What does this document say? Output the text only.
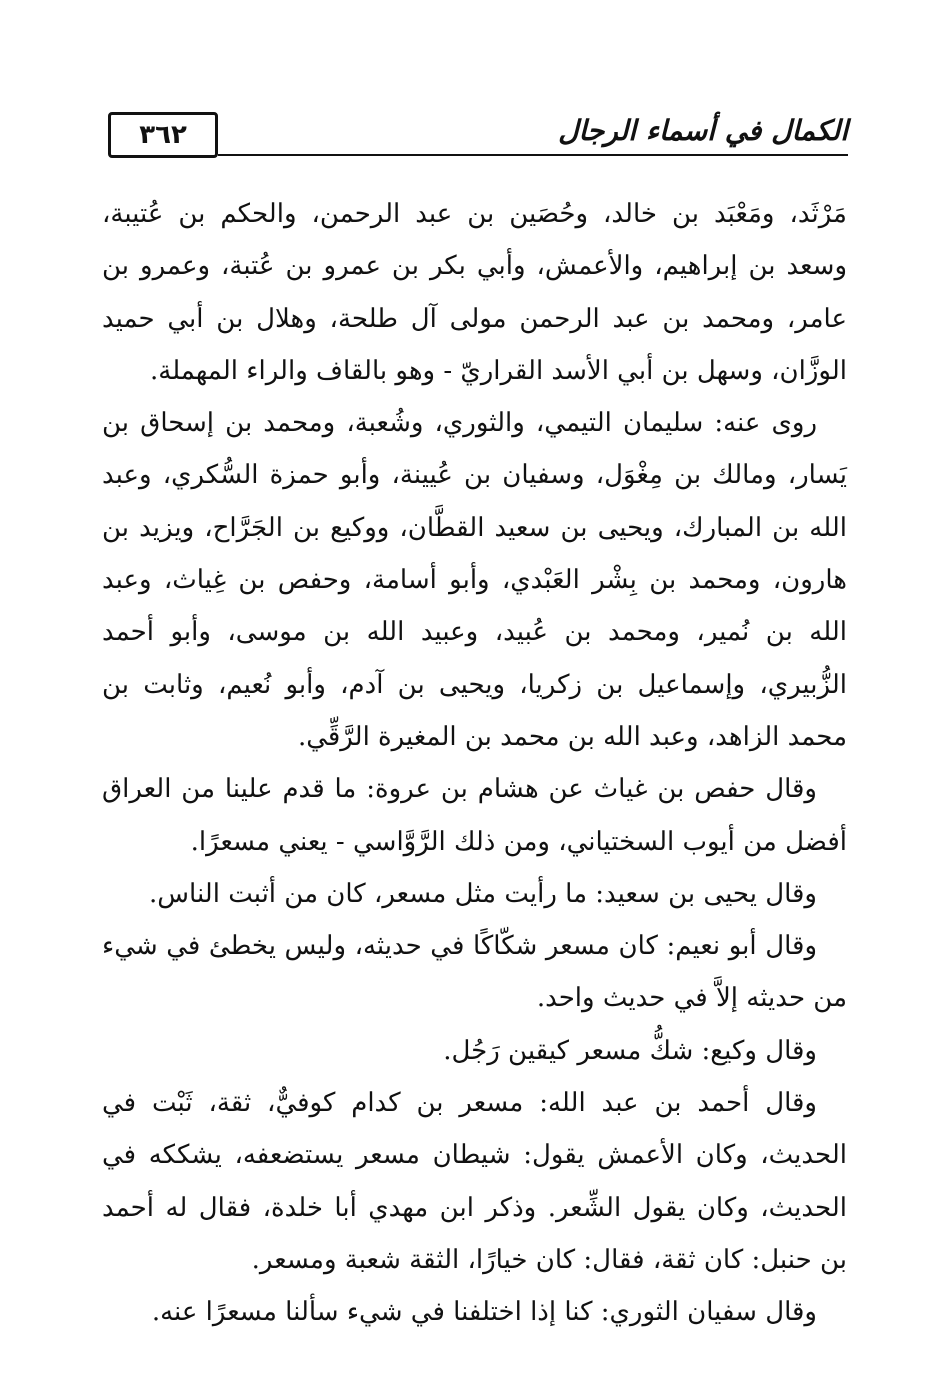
٣٦٢	الكمال في أسماء الرجال

مَرْثَد، ومَعْبَد بن خالد، وحُصَين بن عبد الرحمن، والحكم بن عُتيبة، وسعد بن إبراهيم، والأعمش، وأبي بكر بن عمرو بن عُتبة، وعمرو بن عامر، ومحمد بن عبد الرحمن مولى آل طلحة، وهلال بن أبي حميد الوزَّان، وسهل بن أبي الأسد القراريّ - وهو بالقاف والراء المهملة.

روى عنه: سليمان التيمي، والثوري، وشُعبة، ومحمد بن إسحاق بن يَسار، ومالك بن مِغْوَل، وسفيان بن عُيينة، وأبو حمزة السُّكري، وعبد الله بن المبارك، ويحيى بن سعيد القطَّان، ووكيع بن الجَرَّاح، ويزيد بن هارون، ومحمد بن بِشْر العَبْدي، وأبو أسامة، وحفص بن غِياث، وعبد الله بن نُمير، ومحمد بن عُبيد، وعبيد الله بن موسى، وأبو أحمد الزُّبيري، وإسماعيل بن زكريا، ويحيى بن آدم، وأبو نُعيم، وثابت بن محمد الزاهد، وعبد الله بن محمد بن المغيرة الرَّقِّي.

وقال حفص بن غياث عن هشام بن عروة: ما قدم علينا من العراق أفضل من أيوب السختياني، ومن ذلك الرَّوَّاسي - يعني مسعرًا.

وقال يحيى بن سعيد: ما رأيت مثل مسعر، كان من أثبت الناس.

وقال أبو نعيم: كان مسعر شكّاكًا في حديثه، وليس يخطئ في شيء من حديثه إلاَّ في حديث واحد.

وقال وكيع: شكُّ مسعر كيقين رَجُل.

وقال أحمد بن عبد الله: مسعر بن كدام كوفيٌّ، ثقة، ثَبْت في الحديث، وكان الأعمش يقول: شيطان مسعر يستضعفه، يشككه في الحديث، وكان يقول الشِّعر. وذكر ابن مهدي أبا خلدة، فقال له أحمد بن حنبل: كان ثقة، فقال: كان خيارًا، الثقة شعبة ومسعر.

وقال سفيان الثوري: كنا إذا اختلفنا في شيء سألنا مسعرًا عنه.
